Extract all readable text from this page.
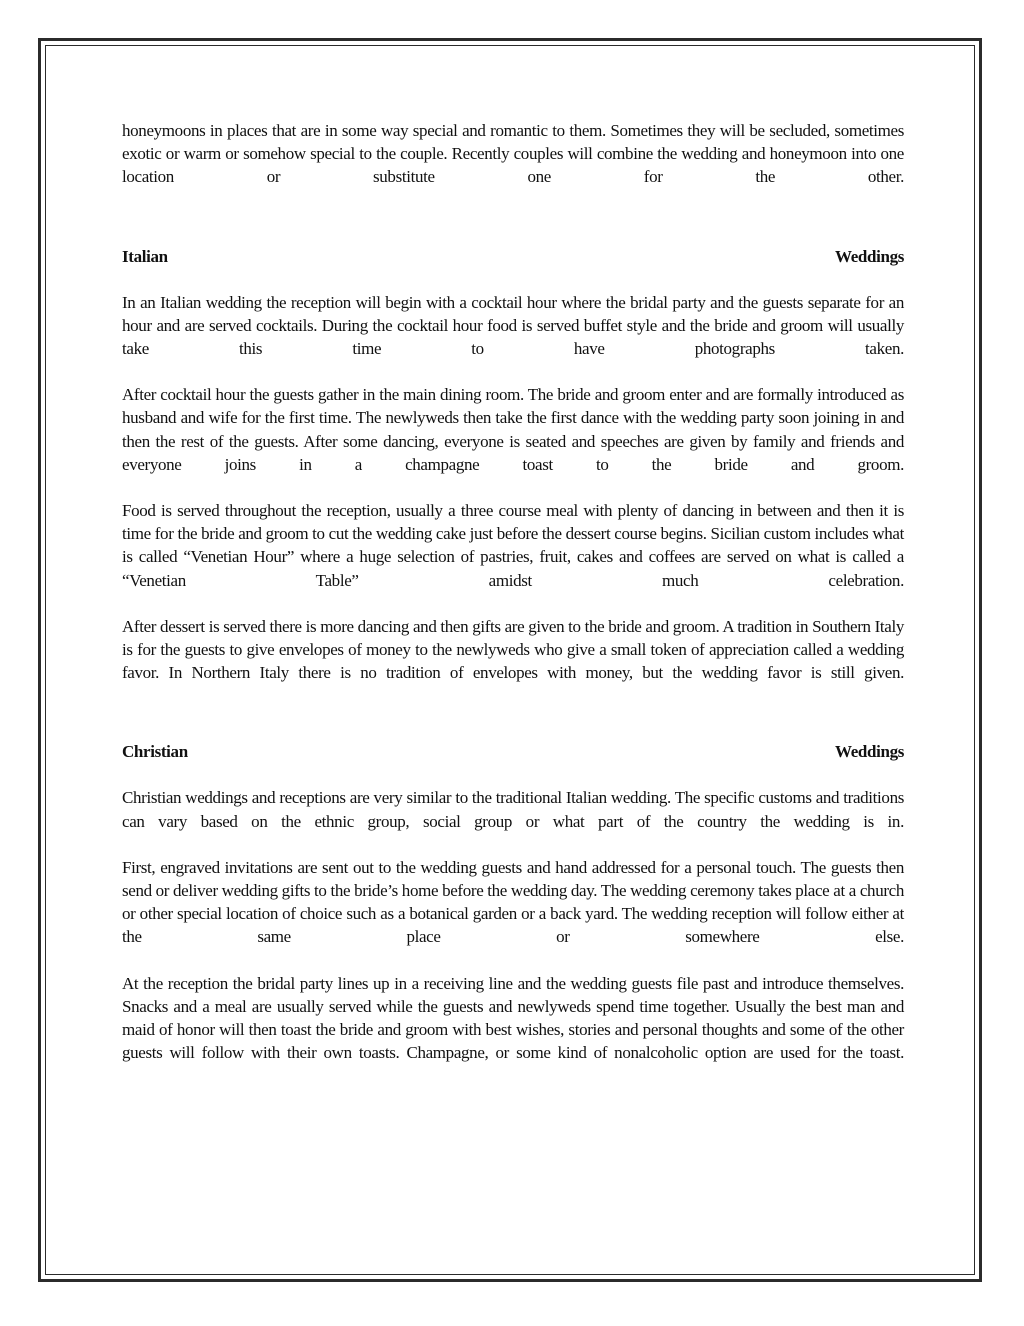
honeymoons in places that are in some way special and romantic to them. Sometimes they will be secluded, sometimes exotic or warm or somehow special to the couple. Recently couples will combine the wedding and honeymoon into one location or substitute one for the other.

Italian	Weddings

In an Italian wedding the reception will begin with a cocktail hour where the bridal party and the guests separate for an hour and are served cocktails. During the cocktail hour food is served buffet style and the bride and groom will usually take this time to have photographs taken.

After cocktail hour the guests gather in the main dining room. The bride and groom enter and are formally introduced as husband and wife for the first time. The newlyweds then take the first dance with the wedding party soon joining in and then the rest of the guests. After some dancing, everyone is seated and speeches are given by family and friends and everyone joins in a champagne toast to the bride and groom.

Food is served throughout the reception, usually a three course meal with plenty of dancing in between and then it is time for the bride and groom to cut the wedding cake just before the dessert course begins. Sicilian custom includes what is called “Venetian Hour” where a huge selection of pastries, fruit, cakes and coffees are served on what is called a “Venetian Table” amidst much celebration.

After dessert is served there is more dancing and then gifts are given to the bride and groom. A tradition in Southern Italy is for the guests to give envelopes of money to the newlyweds who give a small token of appreciation called a wedding favor. In Northern Italy there is no tradition of envelopes with money, but the wedding favor is still given.

Christian	Weddings

Christian weddings and receptions are very similar to the traditional Italian wedding. The specific customs and traditions can vary based on the ethnic group, social group or what part of the country the wedding is in.

First, engraved invitations are sent out to the wedding guests and hand addressed for a personal touch. The guests then send or deliver wedding gifts to the bride’s home before the wedding day. The wedding ceremony takes place at a church or other special location of choice such as a botanical garden or a back yard. The wedding reception will follow either at the same place or somewhere else.

At the reception the bridal party lines up in a receiving line and the wedding guests file past and introduce themselves. Snacks and a meal are usually served while the guests and newlyweds spend time together. Usually the best man and maid of honor will then toast the bride and groom with best wishes, stories and personal thoughts and some of the other guests will follow with their own toasts. Champagne, or some kind of nonalcoholic option are used for the toast.
